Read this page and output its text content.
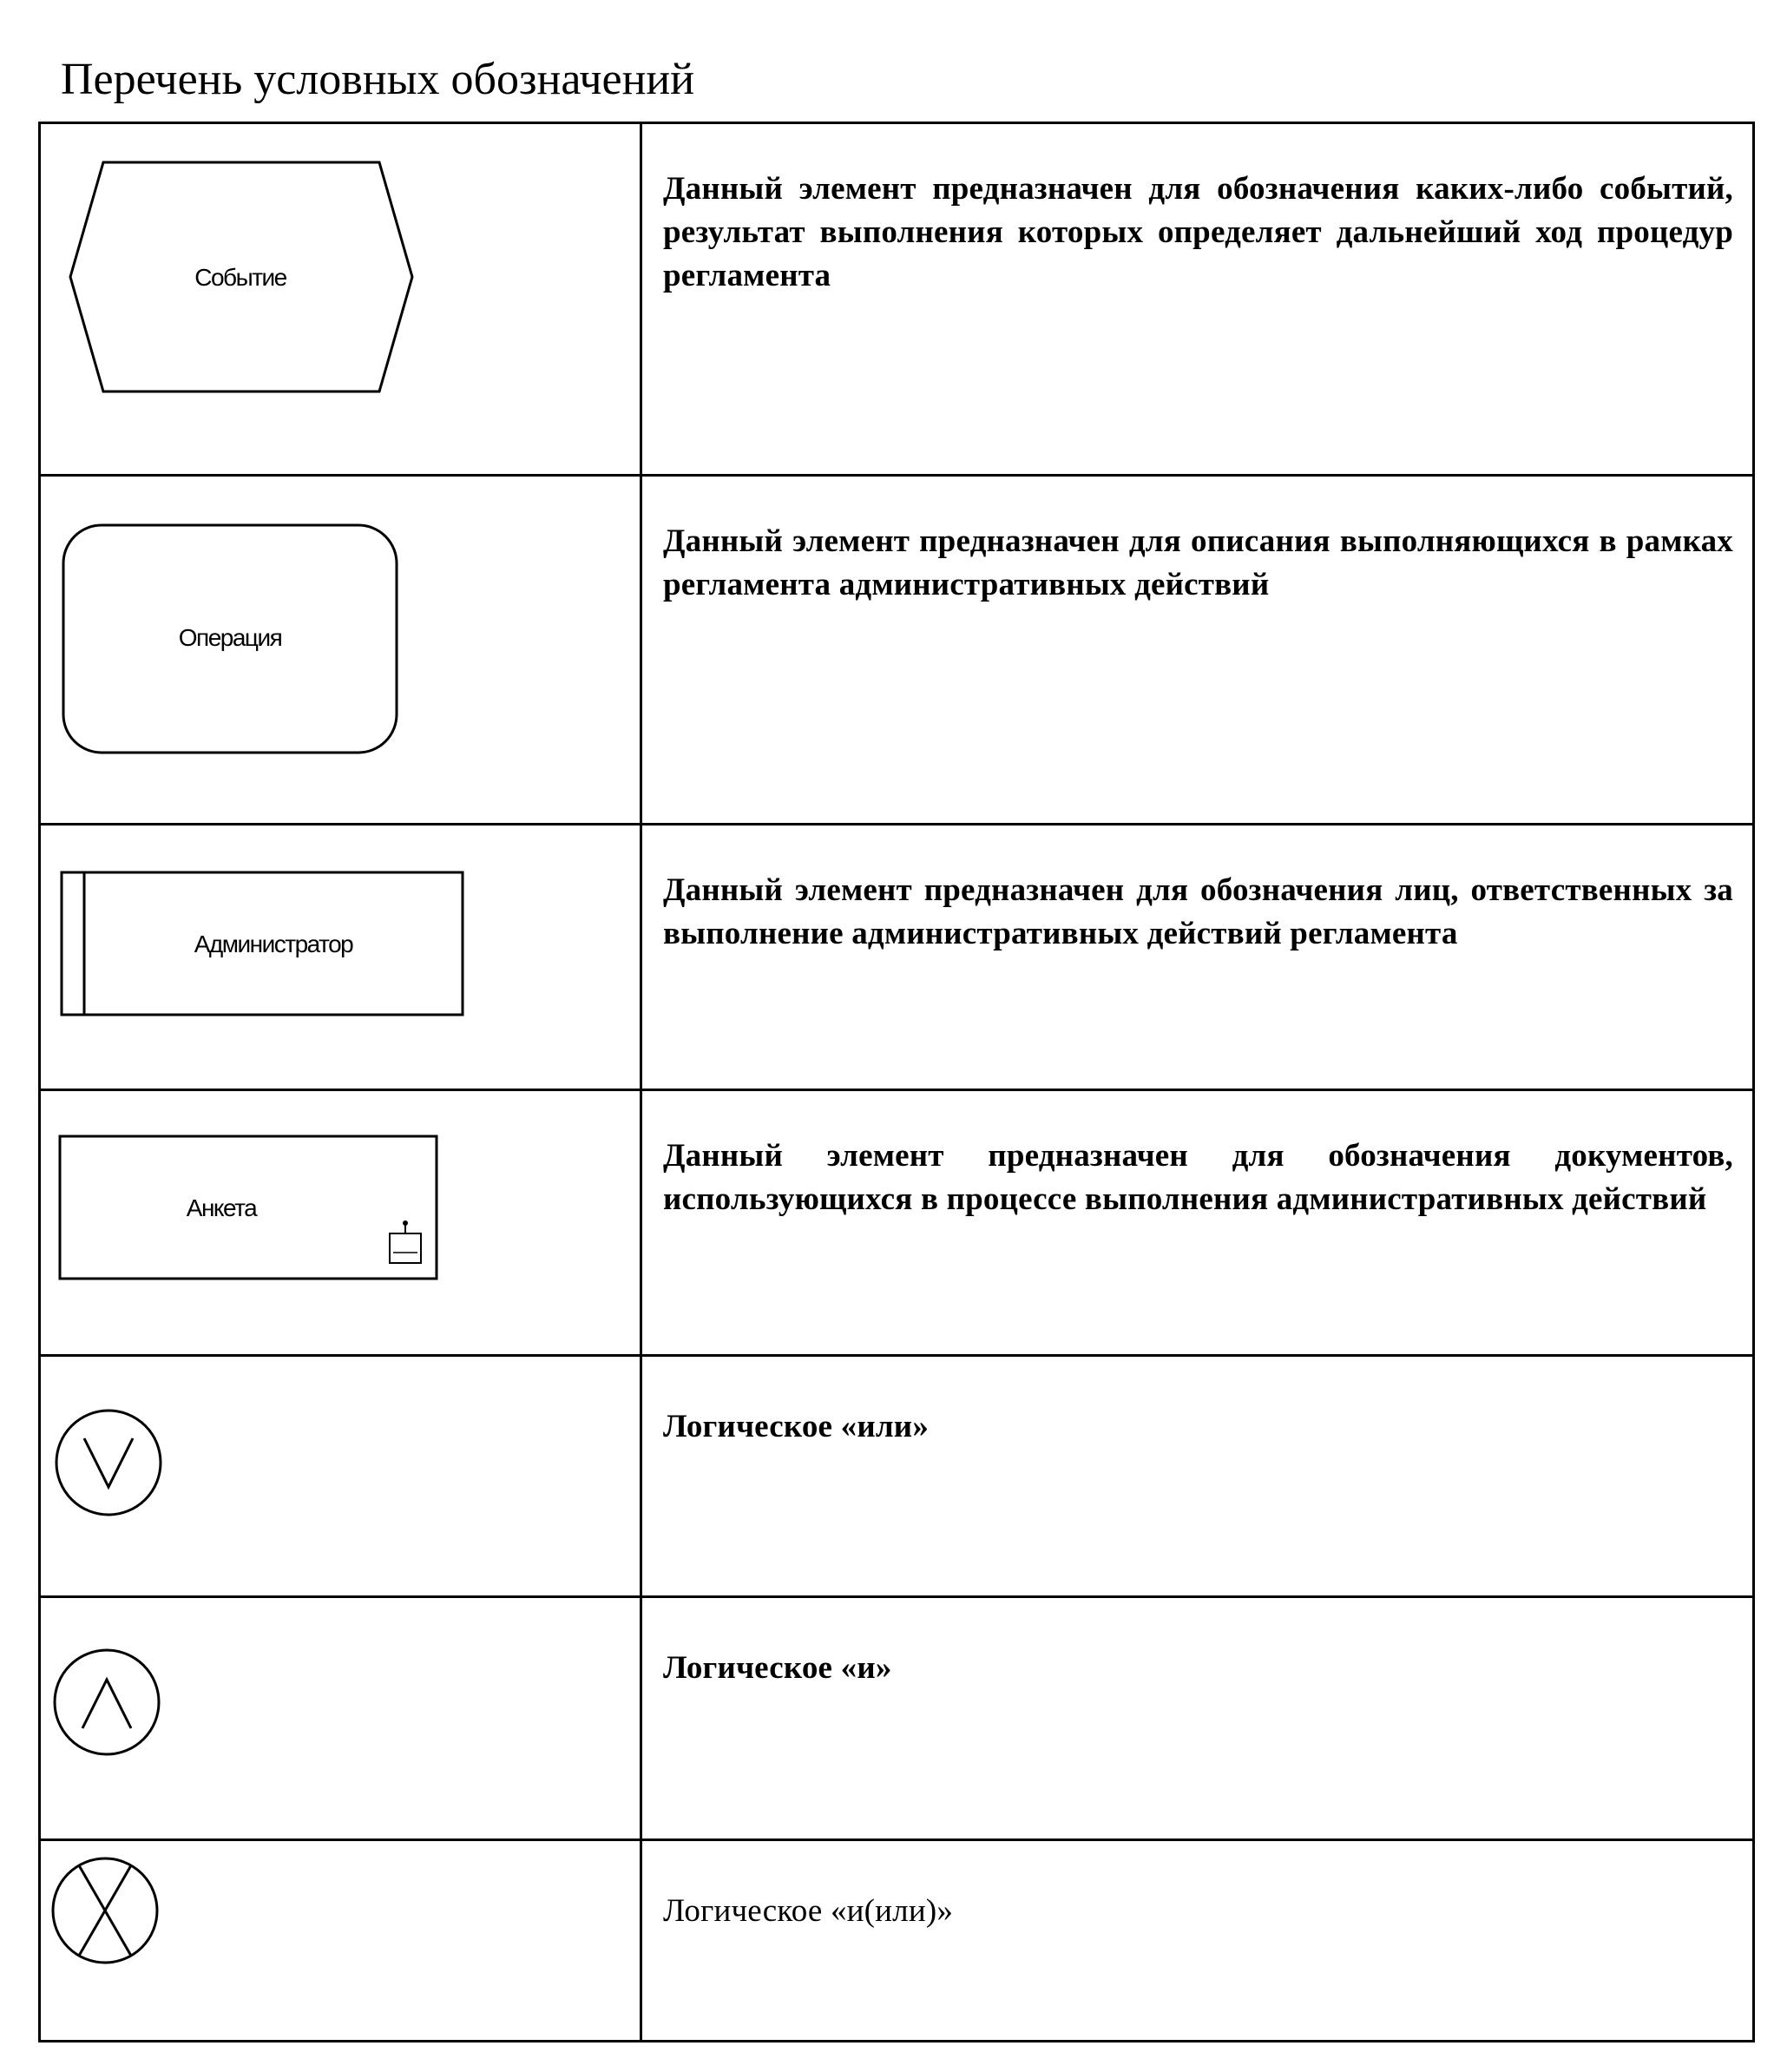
Перечень условных обозначений
Событие	Данный элемент предназначен для обозначения каких-либо событий, результат выполнения которых определяет дальнейший ход процедур регламента

Операция	Данный элемент предназначен для описания выполняющихся в рамках регламента административных действий

Администратор	Данный элемент предназначен для обозначения лиц, ответственных за выполнение административных действий регламента

Анкета	Данный элемент предназначен для обозначения документов, использующихся в процессе выполнения административных действий

Логическое «или»

Логическое «и»

Логическое «и(или)»
